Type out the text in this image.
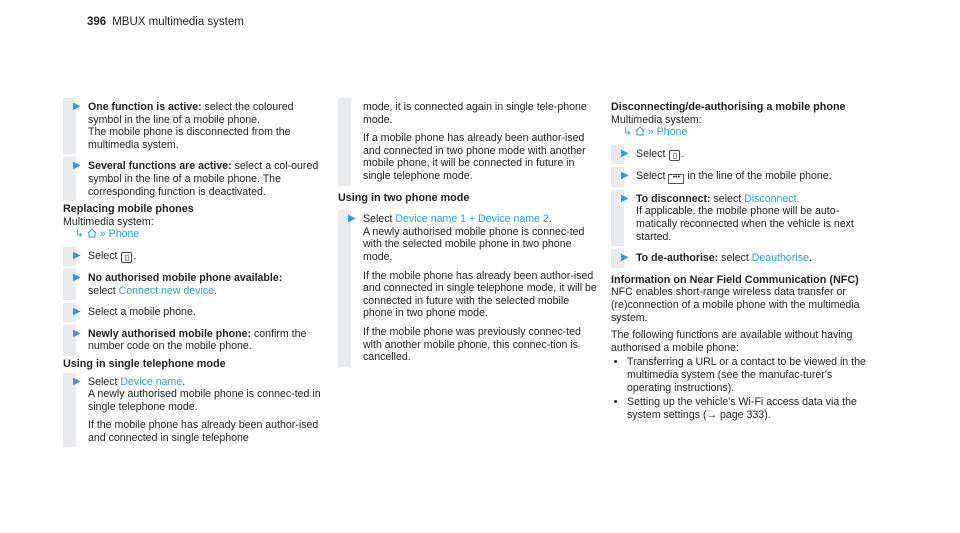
396 MBUX multimedia system
▶ One function is active: select the coloured symbol in the line of a mobile phone.

The mobile phone is disconnected from the multimedia system.

▶ Several functions are active: select a col-oured symbol in the line of a mobile phone. The corresponding function is deactivated.

Replacing mobile phones
Multimedia system:
↳ » Phone
▶ Select ▯ .

▶ No authorised mobile phone available:

select Connect new device.

▶ Select a mobile phone.

▶ Newly authorised mobile phone: confirm the number code on the mobile phone.

Using in single telephone mode
▶ Select Device name.

A newly authorised mobile phone is connec-ted in single telephone mode.

If the mobile phone has already been author-ised and connected in single telephone

mode, it is connected again in single tele-phone mode.

If a mobile phone has already been author-ised and connected in two phone mode with another mobile phone, it will be connected in future in single telephone mode.

Using in two phone mode
▶ Select Device name 1 + Device name 2.

A newly authorised mobile phone is connec-ted with the selected mobile phone in two phone mode.

If the mobile phone has already been author-ised and connected in single telephone mode, it will be connected in future with the selected mobile phone in two phone mode.

If the mobile phone was previously connec-ted with another mobile phone, this connec-tion is cancelled.

Disconnecting/de-authorising a mobile phone
Multimedia system:
↳ » Phone
▶ Select ▯ .

▶ Select ••• in the line of the mobile phone.

▶ To disconnect: select Disconnect.

If applicable, the mobile phone will be auto-matically reconnected when the vehicle is next started.

▶ To de-authorise: select Deauthorise.

Information on Near Field Communication (NFC)

NFC enables short-range wireless data transfer or (re)connection of a mobile phone with the multimedia system.

The following functions are available without having authorised a mobile phone:

• Transferring a URL or a contact to be viewed in the multimedia system (see the manufac-turer's operating instructions).
• Setting up the vehicle's Wi-Fi access data via the system settings (→ page 333).
